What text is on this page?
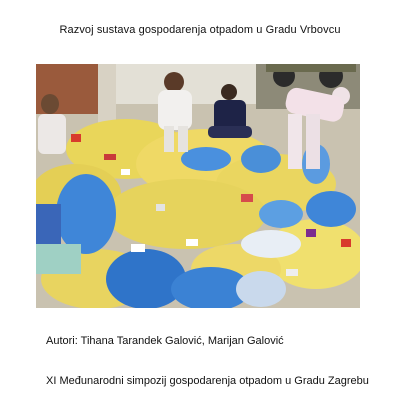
Razvoj sustava gospodarenja otpadom u Gradu Vrbovcu
Autori: Tihana Tarandek Galović, Marijan Galović
XI Međunarodni simpozij gospodarenja otpadom u Gradu Zagrebu
